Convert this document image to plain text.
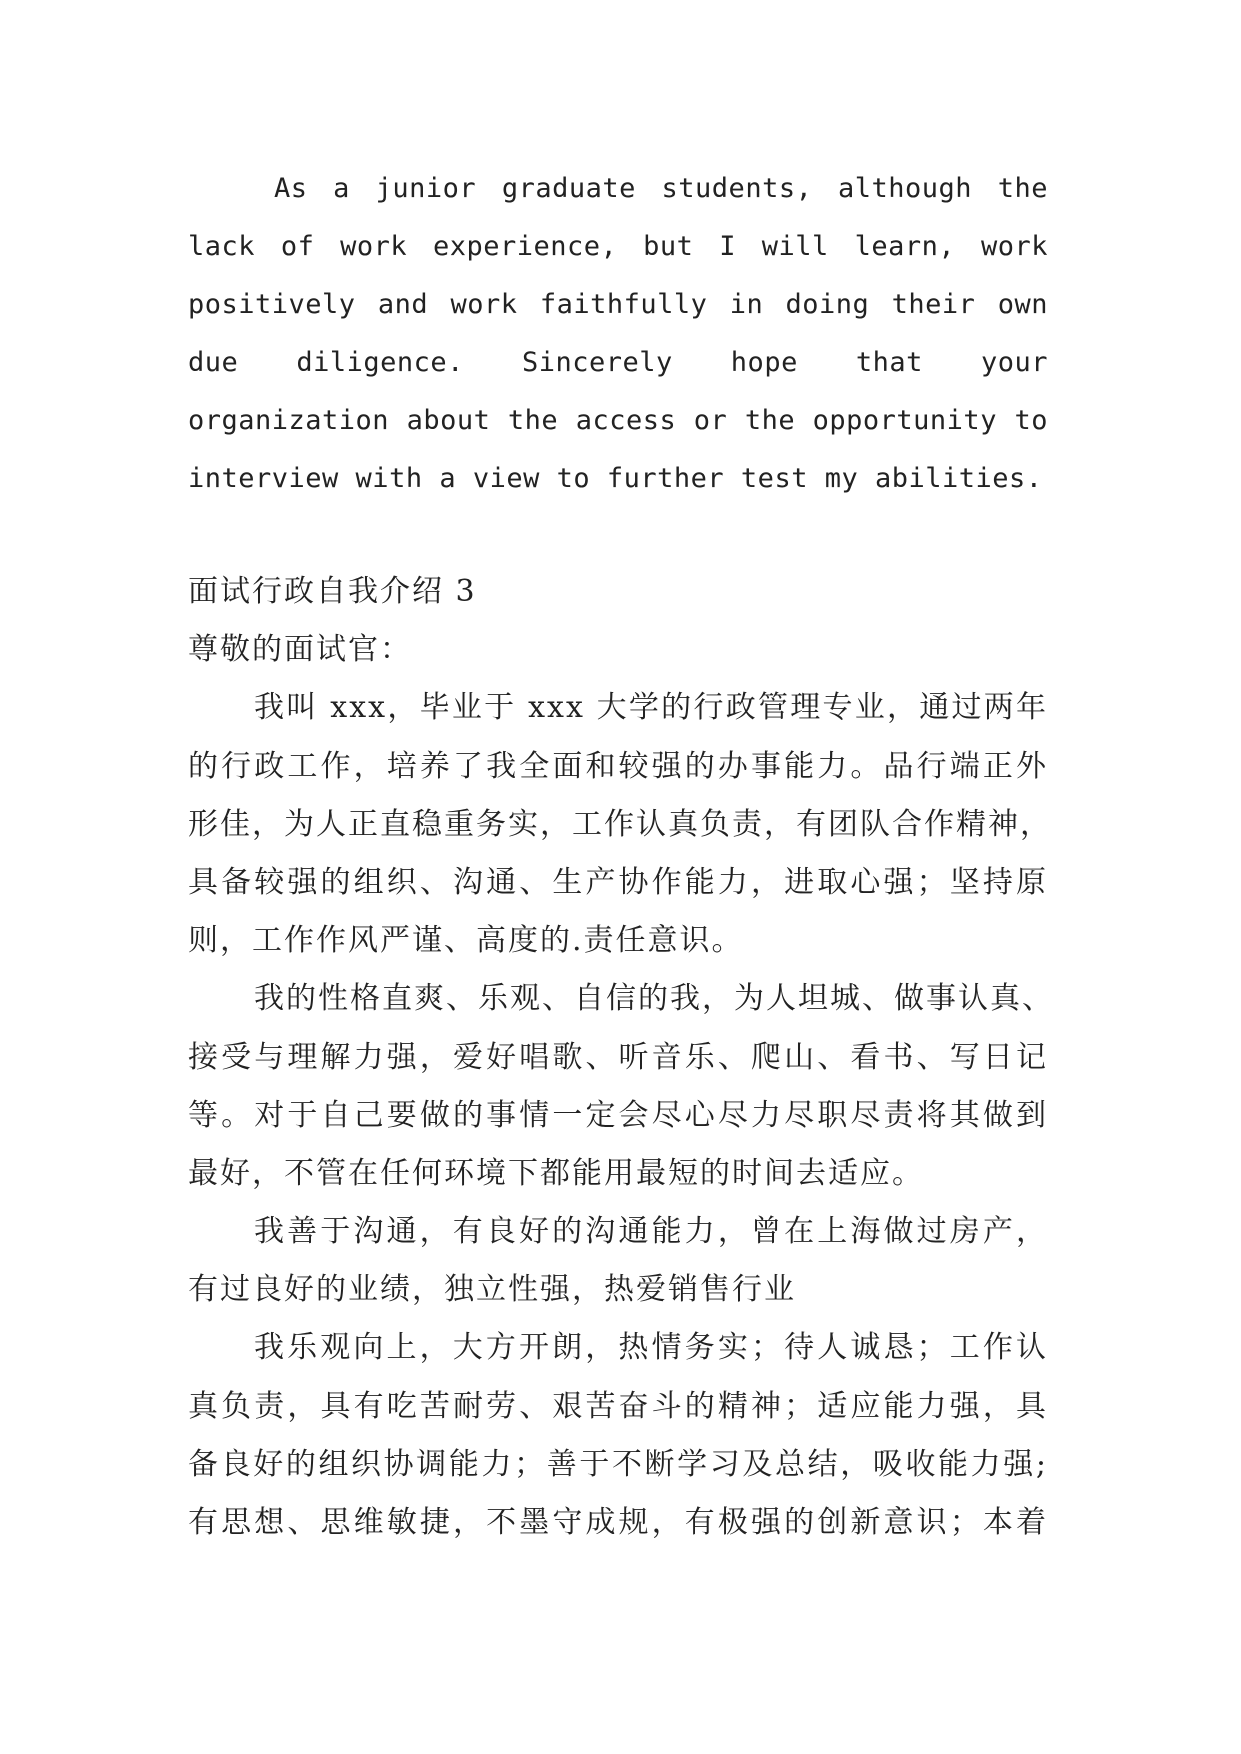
As a junior graduate students, although the
lack of work experience, but I will learn, work
positively and work faithfully in doing their own
due diligence. Sincerely hope that your
organization about the access or the opportunity to
interview with a view to further test my abilities.
面试行政自我介绍 3
尊敬的面试官：
我叫 xxx，毕业于 xxx 大学的行政管理专业，通过两年
的行政工作，培养了我全面和较强的办事能力。品行端正外
形佳，为人正直稳重务实，工作认真负责，有团队合作精神，
具备较强的组织、沟通、生产协作能力，进取心强；坚持原
则，工作作风严谨、高度的.责任意识。
我的性格直爽、乐观、自信的我，为人坦城、做事认真、
接受与理解力强，爱好唱歌、听音乐、爬山、看书、写日记
等。对于自己要做的事情一定会尽心尽力尽职尽责将其做到
最好，不管在任何环境下都能用最短的时间去适应。
我善于沟通，有良好的沟通能力，曾在上海做过房产，
有过良好的业绩，独立性强，热爱销售行业
我乐观向上，大方开朗，热情务实；待人诚恳；工作认
真负责，具有吃苦耐劳、艰苦奋斗的精神；适应能力强，具
备良好的组织协调能力；善于不断学习及总结，吸收能力强;
有思想、思维敏捷，不墨守成规，有极强的创新意识；本着
